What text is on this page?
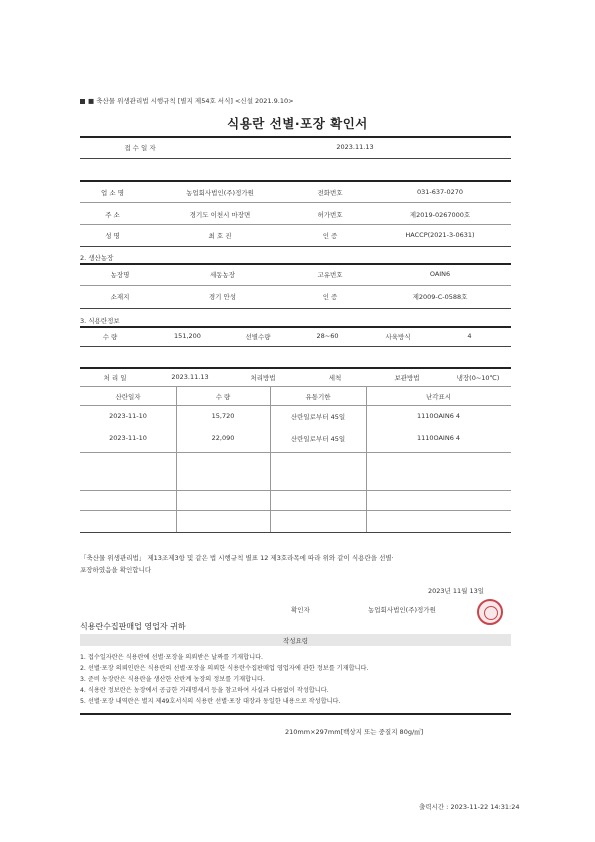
■ 축산물 위생관리법 시행규칙 [별지 제54호 서식] <신설 2021.9.10>
식용란 선별·포장 확인서
접 수 일 자	2023.11.13
업 소 명	농업회사법인(주)정가원	전화번호	031-637-0270
주 소	경기도 이천시 마장면	허가번호	제2019-0267000호
성 명	최 호 진	인 증	HACCP(2021-3-0631)
2. 생산농장
농장명	세동농장	고유번호	OAIN6
소재지	경기 안성	인 증	제2009-C-0588호
3. 식용란정보
수 량	151,200	선별수량	28~60	사육방식	4
처 리 일	2023.11.13	처리방법	세척	보관방법	냉장(0~10℃)
산란일자	수 량	유통기한	난각표시
2023-11-10	15,720	산란일로부터 45일	1110OAIN6 4
2023-11-10	22,090	산란일로부터 45일	1110OAIN6 4
「축산물 위생관리법」 제13조제3항 및 같은 법 시행규칙 별표 12 제3호라목에 따라 위와 같이 식용란을 선별·
포장하였음을 확인합니다
2023년 11월 13일
확인자	농업회사법인(주)정가원
식용란수집판매업 영업자 귀하
작성요령
1. 접수일자란은 식용란에 선별·포장을 의뢰받은 날짜를 기재합니다.
2. 선별·포장 의뢰인란은 식용란의 선별·포장을 의뢰한 식용란수집판매업 영업자에 관한 정보를 기재합니다.
3. 준비 농장란은 식용란을 생산한 산란계 농장의 정보를 기재합니다.
4. 식용란 정보란은 농장에서 공급한 거래명세서 등을 참고하여 사실과 다름없이 작성합니다.
5. 선별·포장 내역란은 별지 제49호서식의 식용란 선별·포장 대장과 동일한 내용으로 작성합니다.
210mm×297mm[백상지 또는 중질지 80g/㎡]
출력시간 : 2023-11-22 14:31:24
